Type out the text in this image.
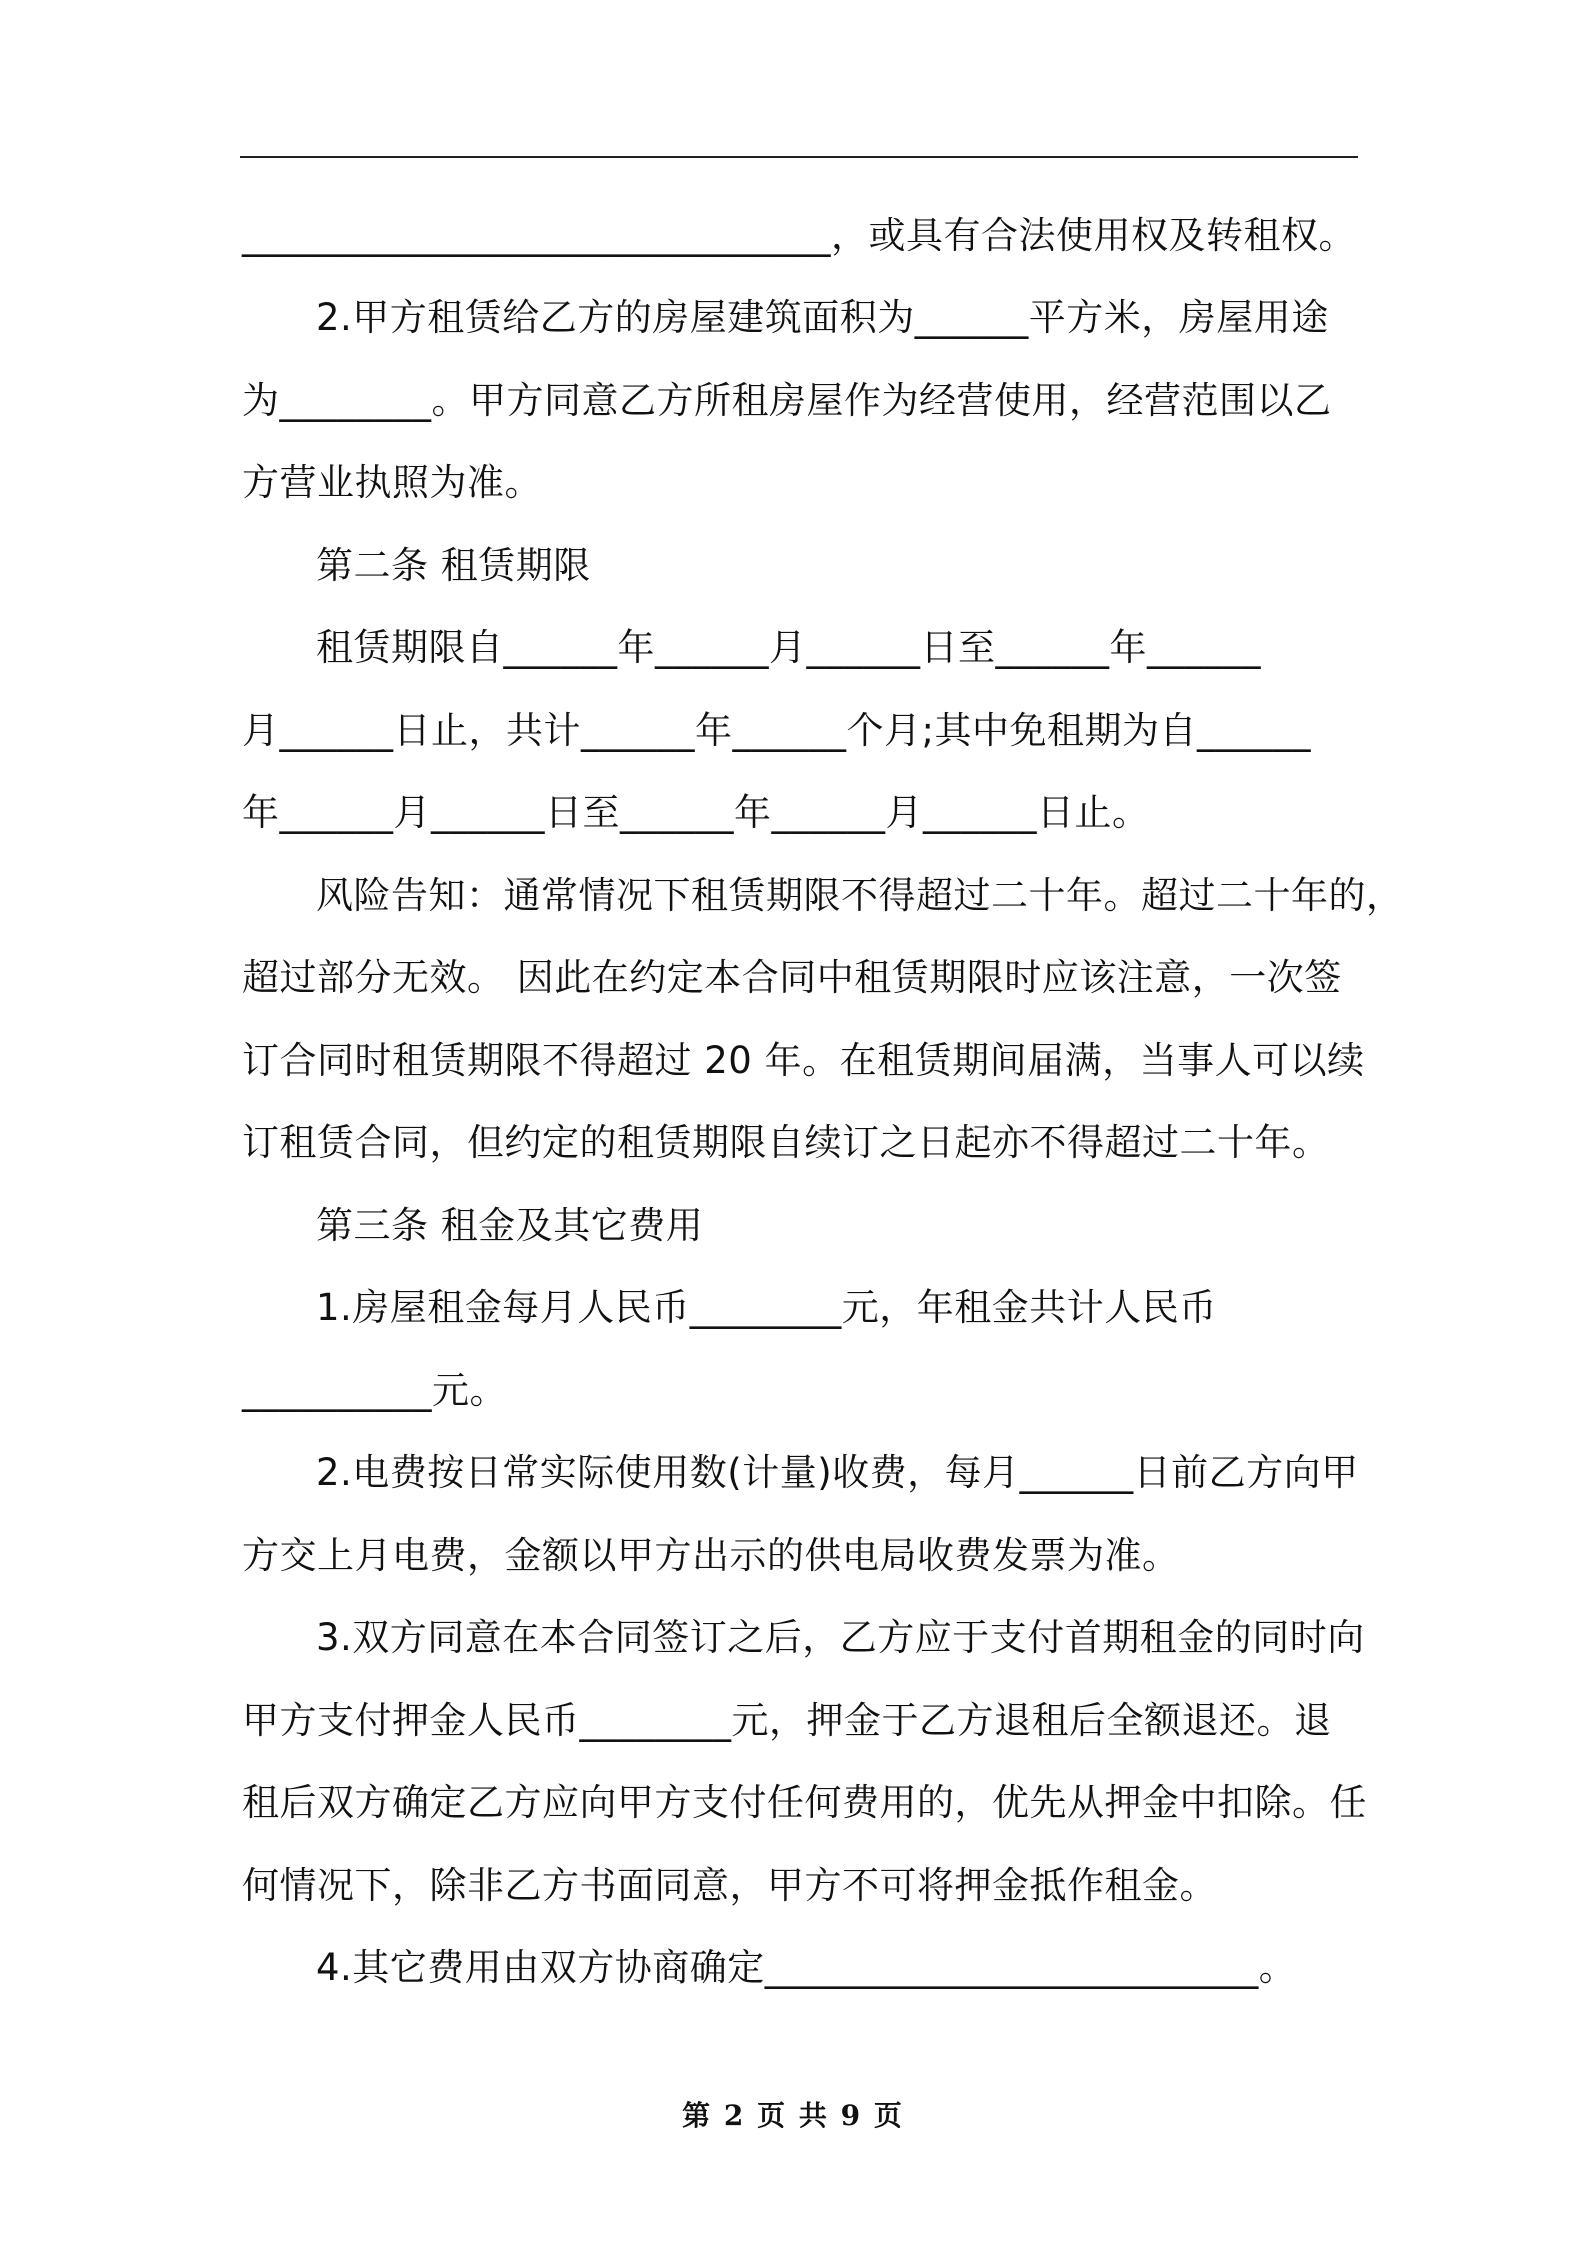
_______________________________，或具有合法使用权及转租权。
2.甲方租赁给乙方的房屋建筑面积为______平方米，房屋用途
为________。甲方同意乙方所租房屋作为经营使用，经营范围以乙
方营业执照为准。
第二条 租赁期限
租赁期限自______年______月______日至______年______
月______日止，共计______年______个月;其中免租期为自______
年______月______日至______年______月______日止。
风险告知：通常情况下租赁期限不得超过二十年。超过二十年的，
超过部分无效。 因此在约定本合同中租赁期限时应该注意，一次签
订合同时租赁期限不得超过 20 年。在租赁期间届满，当事人可以续
订租赁合同，但约定的租赁期限自续订之日起亦不得超过二十年。
第三条 租金及其它费用
1.房屋租金每月人民币________元，年租金共计人民币
__________元。
2.电费按日常实际使用数(计量)收费，每月______日前乙方向甲
方交上月电费，金额以甲方出示的供电局收费发票为准。
3.双方同意在本合同签订之后，乙方应于支付首期租金的同时向
甲方支付押金人民币________元，押金于乙方退租后全额退还。退
租后双方确定乙方应向甲方支付任何费用的，优先从押金中扣除。任
何情况下，除非乙方书面同意，甲方不可将押金抵作租金。
4.其它费用由双方协商确定__________________________。
第 2 页 共 9 页
